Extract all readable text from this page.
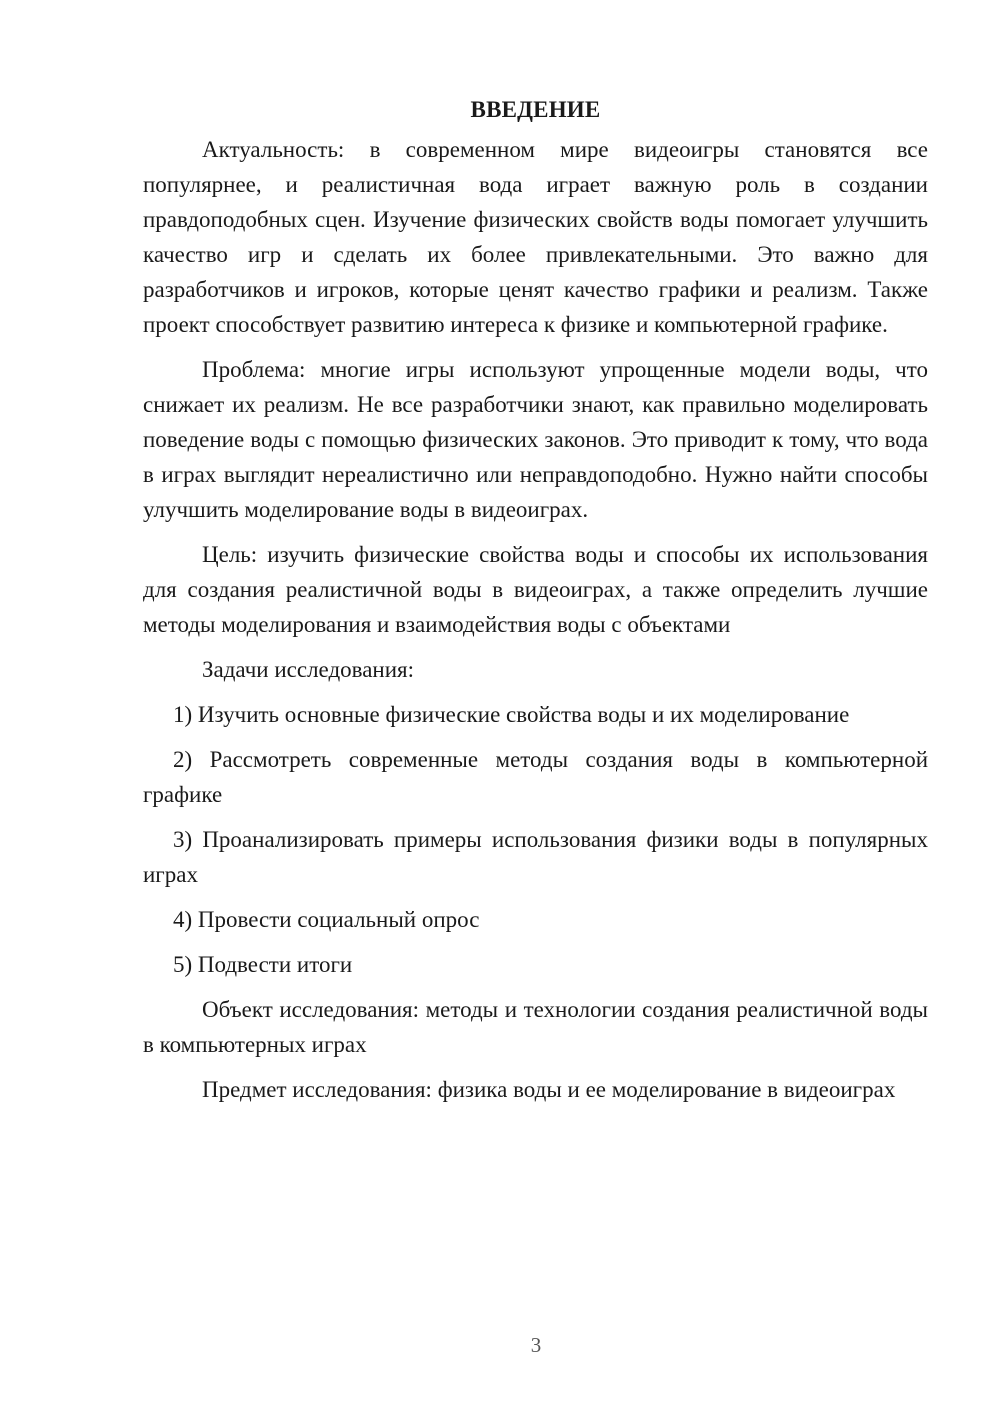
ВВЕДЕНИЕ

Актуальность: в современном мире видеоигры становятся все популярнее, и реалистичная вода играет важную роль в создании правдоподобных сцен. Изучение физических свойств воды помогает улучшить качество игр и сделать их более привлекательными. Это важно для разработчиков и игроков, которые ценят качество графики и реализм. Также проект способствует развитию интереса к физике и компьютерной графике.

Проблема: многие игры используют упрощенные модели воды, что снижает их реализм. Не все разработчики знают, как правильно моделировать поведение воды с помощью физических законов. Это приводит к тому, что вода в играх выглядит нереалистично или неправдоподобно. Нужно найти способы улучшить моделирование воды в видеоиграх.

Цель: изучить физические свойства воды и способы их использования для создания реалистичной воды в видеоиграх, а также определить лучшие методы моделирования и взаимодействия воды с объектами

Задачи исследования:

1) Изучить основные физические свойства воды и их моделирование

2) Рассмотреть современные методы создания воды в компьютерной графике

3) Проанализировать примеры использования физики воды в популярных играх

4) Провести социальный опрос

5) Подвести итоги

Объект исследования: методы и технологии создания реалистичной воды в компьютерных играх

Предмет исследования: физика воды и ее моделирование в видеоиграх

3
